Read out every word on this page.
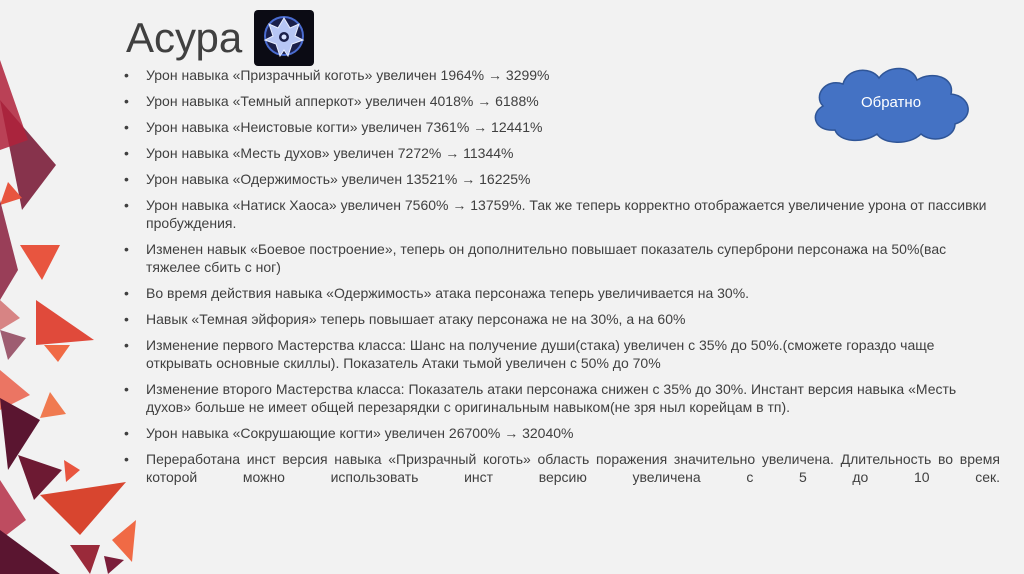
Асура
Обратно
• Урон навыка «Призрачный коготь» увеличен 1964% → 3299%
• Урон навыка «Темный апперкот» увеличен 4018% → 6188%
• Урон навыка «Неистовые когти» увеличен 7361% → 12441%
• Урон навыка «Месть духов» увеличен 7272% → 11344%
• Урон навыка «Одержимость» увеличен 13521% → 16225%
• Урон навыка «Натиск Хаоса» увеличен 7560% → 13759%. Так же теперь корректно отображается увеличение урона от пассивки пробуждения.
• Изменен навык «Боевое построение», теперь он дополнительно повышает показатель суперброни персонажа на 50%(вас тяжелее сбить с ног)
• Во время действия навыка «Одержимость» атака персонажа теперь увеличивается на 30%.
• Навык «Темная эйфория» теперь повышает атаку персонажа не на 30%, а на 60%
• Изменение первого Мастерства класса: Шанс на получение души(стака) увеличен с 35% до 50%.(сможете гораздо чаще открывать основные скиллы). Показатель Атаки тьмой увеличен с 50% до 70%
• Изменение второго Мастерства класса: Показатель атаки персонажа снижен с 35% до 30%. Инстант версия навыка «Месть духов» больше не имеет общей перезарядки с оригинальным навыком(не зря ныл корейцам в тп).
• Урон навыка «Сокрушающие когти» увеличен 26700% → 32040%
• Переработана инст версия навыка «Призрачный коготь» область поражения значительно увеличена. Длительность во время которой можно использовать инст версию увеличена с 5 до 10 сек.
